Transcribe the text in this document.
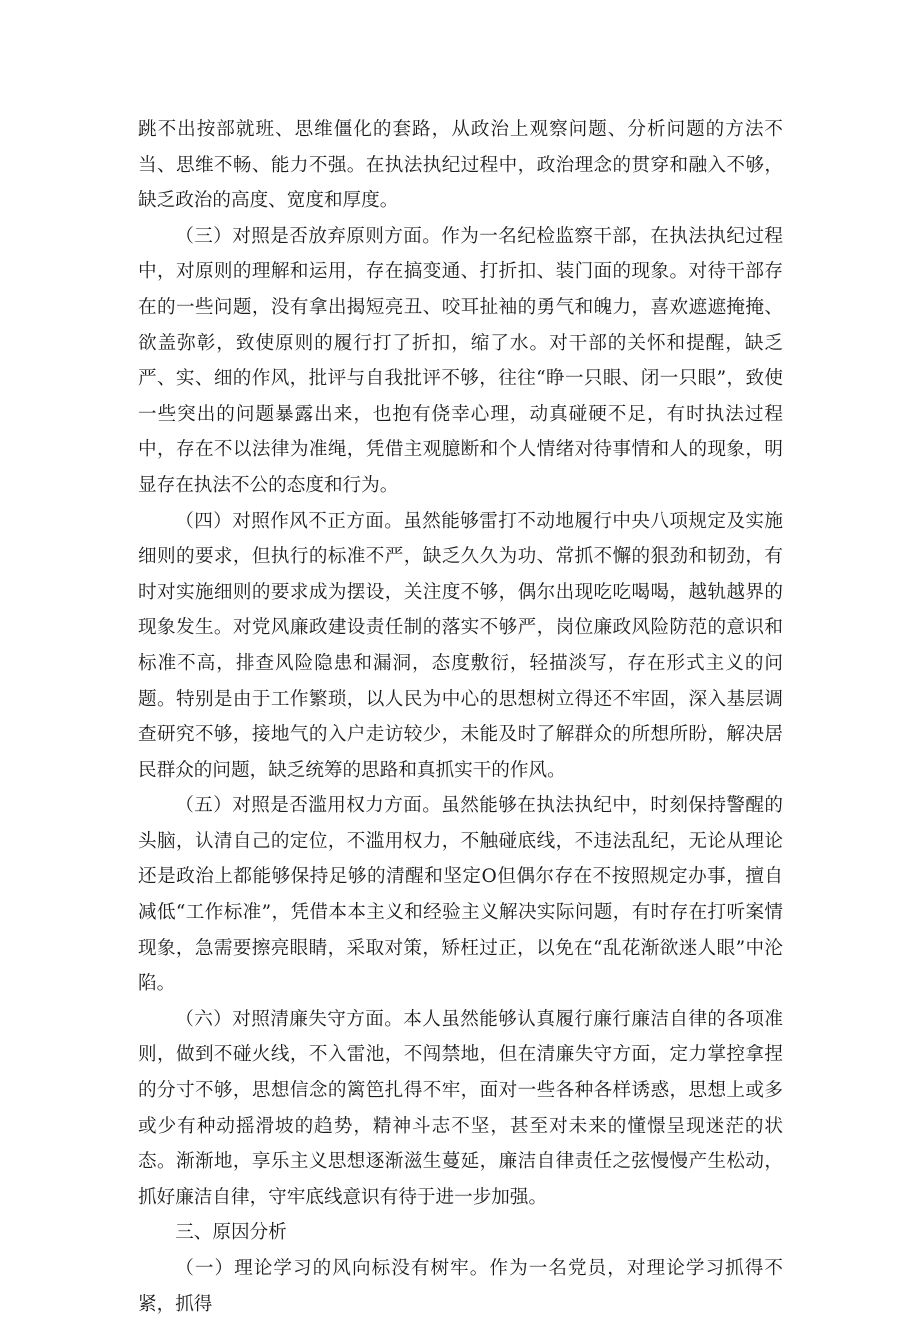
跳不出按部就班、思维僵化的套路，从政治上观察问题、分析问题的方法不当、思维不畅、能力不强。在执法执纪过程中，政治理念的贯穿和融入不够，缺乏政治的高度、宽度和厚度。

（三）对照是否放弃原则方面。作为一名纪检监察干部，在执法执纪过程中，对原则的理解和运用，存在搞变通、打折扣、装门面的现象。对待干部存在的一些问题，没有拿出揭短亮丑、咬耳扯袖的勇气和魄力，喜欢遮遮掩掩、欲盖弥彰，致使原则的履行打了折扣，缩了水。对干部的关怀和提醒，缺乏严、实、细的作风，批评与自我批评不够，往往“睁一只眼、闭一只眼”，致使一些突出的问题暴露出来，也抱有侥幸心理，动真碰硬不足，有时执法过程中，存在不以法律为准绳，凭借主观臆断和个人情绪对待事情和人的现象，明显存在执法不公的态度和行为。

（四）对照作风不正方面。虽然能够雷打不动地履行中央八项规定及实施细则的要求，但执行的标准不严，缺乏久久为功、常抓不懈的狠劲和韧劲，有时对实施细则的要求成为摆设，关注度不够，偶尔出现吃吃喝喝，越轨越界的现象发生。对党风廉政建设责任制的落实不够严，岗位廉政风险防范的意识和标准不高，排查风险隐患和漏洞，态度敷衍，轻描淡写，存在形式主义的问题。特别是由于工作繁琐，以人民为中心的思想树立得还不牢固，深入基层调查研究不够，接地气的入户走访较少，未能及时了解群众的所想所盼，解决居民群众的问题，缺乏统筹的思路和真抓实干的作风。

（五）对照是否滥用权力方面。虽然能够在执法执纪中，时刻保持警醒的头脑，认清自己的定位，不滥用权力，不触碰底线，不违法乱纪，无论从理论还是政治上都能够保持足够的清醒和坚定O但偶尔存在不按照规定办事，擅自减低“工作标准”，凭借本本主义和经验主义解决实际问题，有时存在打听案情现象，急需要擦亮眼睛，采取对策，矫枉过正，以免在“乱花渐欲迷人眼”中沦陷。

（六）对照清廉失守方面。本人虽然能够认真履行廉行廉洁自律的各项准则，做到不碰火线，不入雷池，不闯禁地，但在清廉失守方面，定力掌控拿捏的分寸不够，思想信念的篱笆扎得不牢，面对一些各种各样诱惑，思想上或多或少有种动摇滑坡的趋势，精神斗志不坚，甚至对未来的懂憬呈现迷茫的状态。渐渐地，享乐主义思想逐渐滋生蔓延，廉洁自律责任之弦慢慢产生松动，抓好廉洁自律，守牢底线意识有待于进一步加强。

三、原因分析

（一）理论学习的风向标没有树牢。作为一名党员，对理论学习抓得不紧，抓得
